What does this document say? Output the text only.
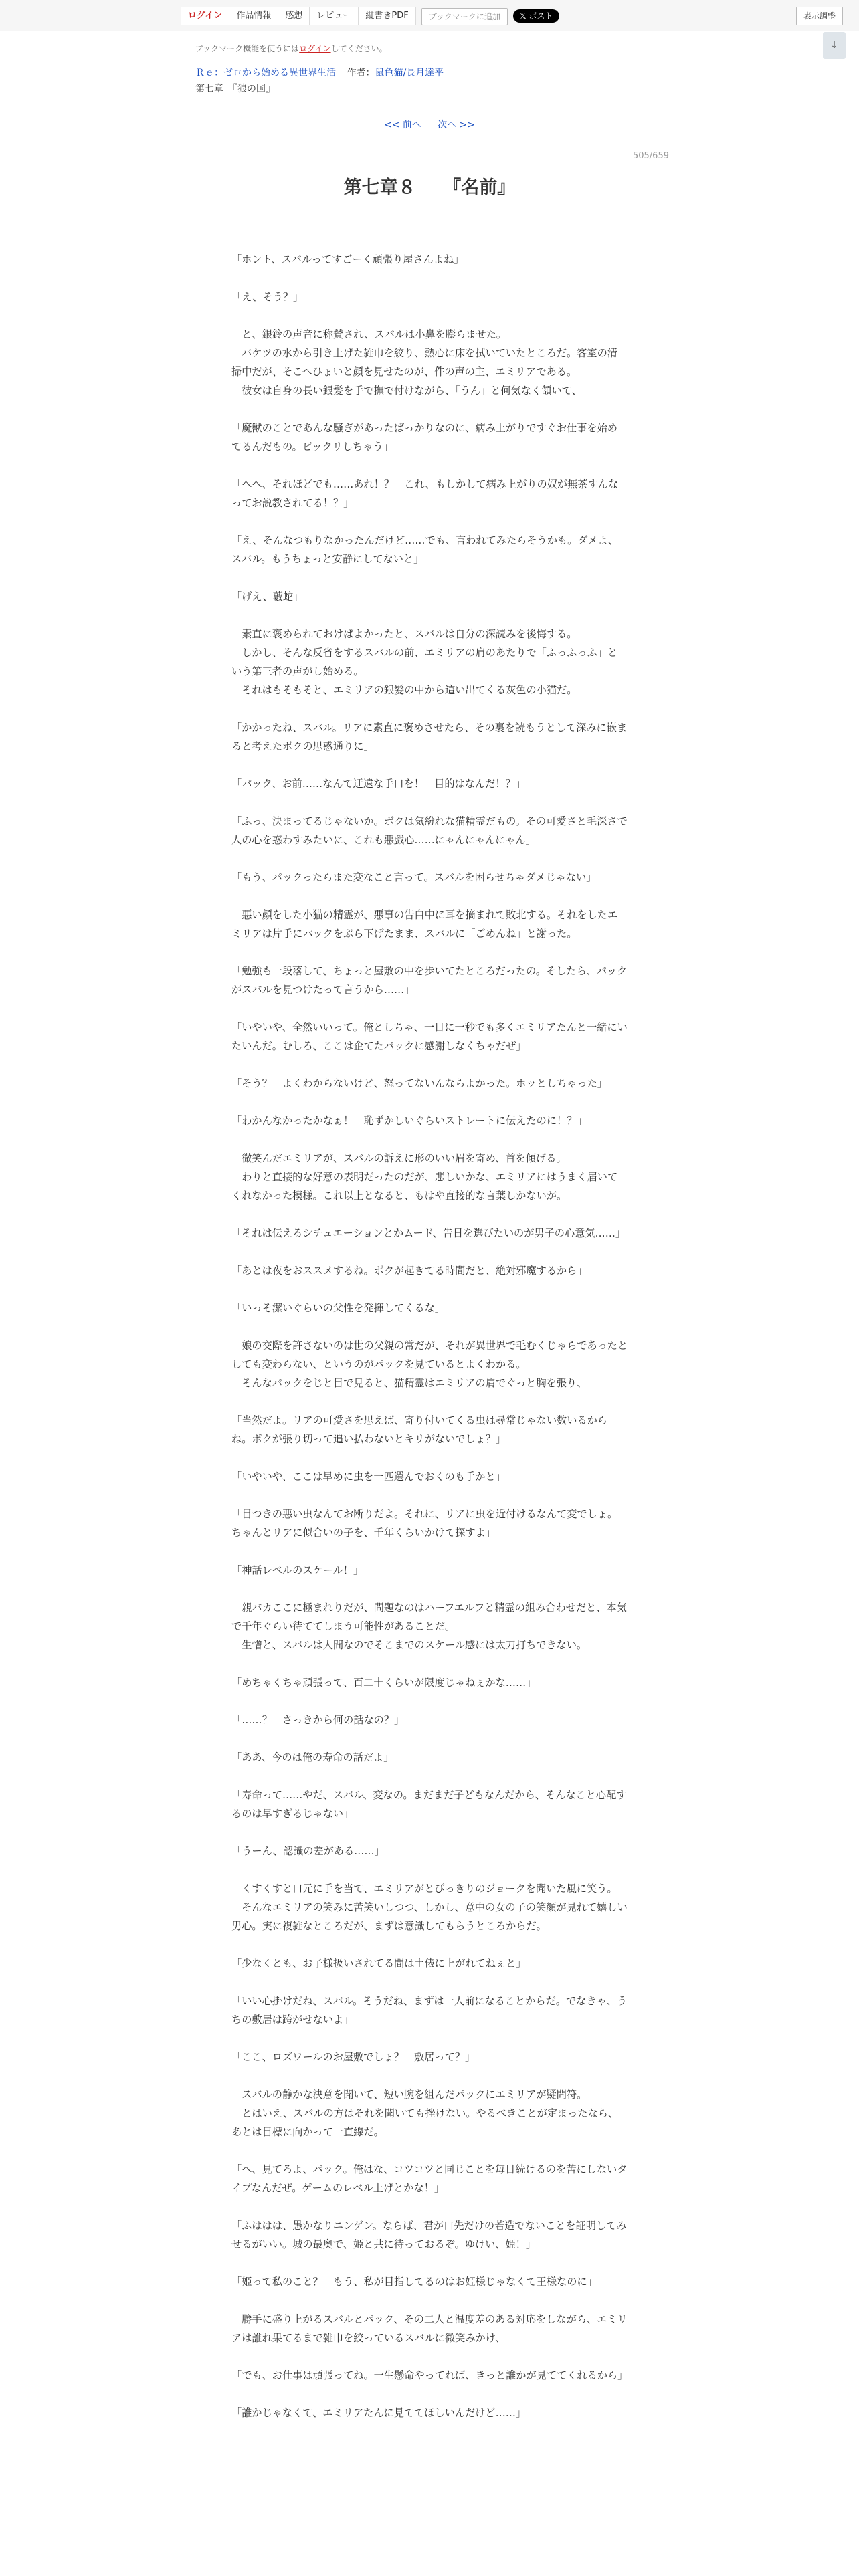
ログイン	作品情報	感想	レビュー	縦書きPDF	ブックマークに追加	𝕏 ポスト	表示調整
↓
ブックマーク機能を使うにはログインしてください。
Ｒｅ：ゼロから始める異世界生活 作者：鼠色猫/長月達平
第七章　『狼の国』
<< 前へ 次へ >>
505/659
第七章８　　『名前』

「ホント、スバルってすごーく頑張り屋さんよね」

「え、そう？」

　と、銀鈴の声音に称賛され、スバルは小鼻を膨らませた。
　バケツの水から引き上げた雑巾を絞り、熱心に床を拭いていたところだ。客室の清掃中だが、そこへひょいと顔を見せたのが、件の声の主、エミリアである。
　彼女は自身の長い銀髪を手で撫で付けながら、「うん」と何気なく頷いて、

「魔獣のことであんな騒ぎがあったばっかりなのに、病み上がりですぐお仕事を始めてるんだもの。ビックリしちゃう」

「へへ、それほどでも……あれ！？　これ、もしかして病み上がりの奴が無茶すんなってお説教されてる！？」

「え、そんなつもりなかったんだけど……でも、言われてみたらそうかも。ダメよ、スバル。もうちょっと安静にしてないと」

「げえ、藪蛇」

　素直に褒められておけばよかったと、スバルは自分の深読みを後悔する。
　しかし、そんな反省をするスバルの前、エミリアの肩のあたりで「ふっふっふ」という第三者の声がし始める。
　それはもそもそと、エミリアの銀髪の中から這い出てくる灰色の小猫だ。

「かかったね、スバル。リアに素直に褒めさせたら、その裏を読もうとして深みに嵌まると考えたボクの思惑通りに」

「パック、お前……なんて迂遠な手口を！　目的はなんだ！？」

「ふっ、決まってるじゃないか。ボクは気紛れな猫精霊だもの。その可愛さと毛深さで人の心を惑わすみたいに、これも悪戯心……にゃんにゃんにゃん」

「もう、パックったらまた変なこと言って。スバルを困らせちゃダメじゃない」

　悪い顔をした小猫の精霊が、悪事の告白中に耳を摘まれて敗北する。それをしたエミリアは片手にパックをぶら下げたまま、スバルに「ごめんね」と謝った。

「勉強も一段落して、ちょっと屋敷の中を歩いてたところだったの。そしたら、パックがスバルを見つけたって言うから……」

「いやいや、全然いいって。俺としちゃ、一日に一秒でも多くエミリアたんと一緒にいたいんだ。むしろ、ここは企てたパックに感謝しなくちゃだぜ」

「そう？　よくわからないけど、怒ってないんならよかった。ホッとしちゃった」

「わかんなかったかなぁ！　恥ずかしいぐらいストレートに伝えたのに！？」

　微笑んだエミリアが、スバルの訴えに形のいい眉を寄め、首を傾げる。
　わりと直接的な好意の表明だったのだが、悲しいかな、エミリアにはうまく届いてくれなかった模様。これ以上となると、もはや直接的な言葉しかないが。

「それは伝えるシチュエーションとかムード、告日を選びたいのが男子の心意気……」

「あとは夜をおススメするね。ボクが起きてる時間だと、絶対邪魔するから」

「いっそ潔いぐらいの父性を発揮してくるな」

　娘の交際を許さないのは世の父親の常だが、それが異世界で毛むくじゃらであったとしても変わらない、というのがパックを見ているとよくわかる。
　そんなパックをじと目で見ると、猫精霊はエミリアの肩でぐっと胸を張り、

「当然だよ。リアの可愛さを思えば、寄り付いてくる虫は尋常じゃない数いるからね。ボクが張り切って追い払わないとキリがないでしょ？」

「いやいや、ここは早めに虫を一匹選んでおくのも手かと」

「目つきの悪い虫なんてお断りだよ。それに、リアに虫を近付けるなんて変でしょ。ちゃんとリアに似合いの子を、千年くらいかけて探すよ」

「神話レベルのスケール！」

　親バカここに極まれりだが、問題なのはハーフエルフと精霊の組み合わせだと、本気で千年ぐらい待ててしまう可能性があることだ。
　生憎と、スバルは人間なのでそこまでのスケール感には太刀打ちできない。

「めちゃくちゃ頑張って、百二十くらいが限度じゃねぇかな……」

「……？　さっきから何の話なの？」

「ああ、今のは俺の寿命の話だよ」

「寿命って……やだ、スバル、変なの。まだまだ子どもなんだから、そんなこと心配するのは早すぎるじゃない」

「うーん、認識の差がある……」

　くすくすと口元に手を当て、エミリアがとびっきりのジョークを聞いた風に笑う。
　そんなエミリアの笑みに苦笑いしつつ、しかし、意中の女の子の笑顔が見れて嬉しい男心。実に複雑なところだが、まずは意識してもらうところからだ。

「少なくとも、お子様扱いされてる間は土俵に上がれてねぇと」

「いい心掛けだね、スバル。そうだね、まずは一人前になることからだ。でなきゃ、うちの敷居は跨がせないよ」

「ここ、ロズワールのお屋敷でしょ？　敷居って？」

　スバルの静かな決意を聞いて、短い腕を組んだパックにエミリアが疑問符。
　とはいえ、スバルの方はそれを聞いても挫けない。やるべきことが定まったなら、あとは目標に向かって一直線だ。

「へ、見てろよ、パック。俺はな、コツコツと同じことを毎日続けるのを苦にしないタイプなんだぜ。ゲームのレベル上げとかな！」

「ふははは、愚かなりニンゲン。ならば、君が口先だけの若造でないことを証明してみせるがいい。城の最奥で、姫と共に待っておるぞ。ゆけい、姫！」

「姫って私のこと？　もう、私が目指してるのはお姫様じゃなくて王様なのに」

　勝手に盛り上がるスバルとパック、その二人と温度差のある対応をしながら、エミリアは誰れ果てるまで雑巾を絞っているスバルに微笑みかけ、

「でも、お仕事は頑張ってね。一生懸命やってれば、きっと誰かが見ててくれるから」

「誰かじゃなくて、エミリアたんに見ててほしいんだけど……」
